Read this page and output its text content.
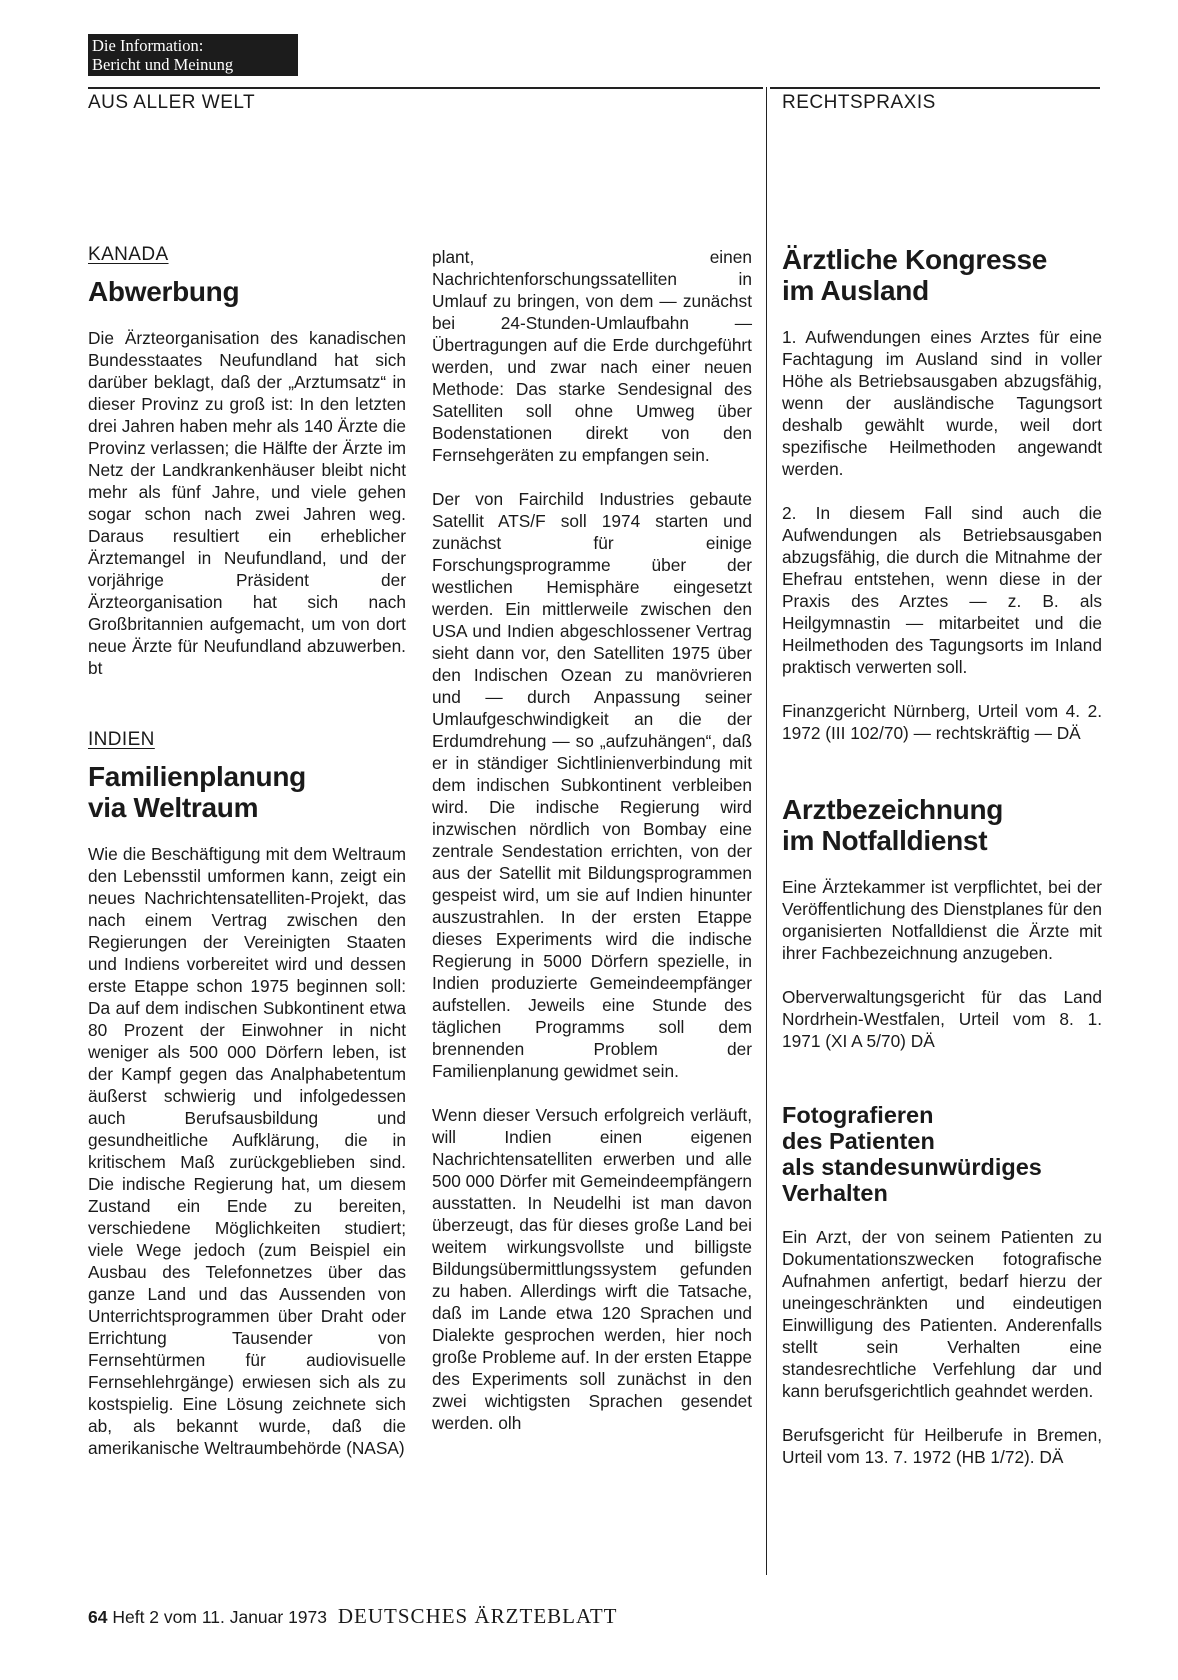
Die Information:
Bericht und Meinung
AUS ALLER WELT	RECHTSPRAXIS
KANADA
Abwerbung

Die Ärzteorganisation des kanadischen Bundesstaates Neufundland hat sich darüber beklagt, daß der „Arztumsatz“ in dieser Provinz zu groß ist: In den letzten drei Jahren haben mehr als 140 Ärzte die Provinz verlassen; die Hälfte der Ärzte im Netz der Landkrankenhäuser bleibt nicht mehr als fünf Jahre, und viele gehen sogar schon nach zwei Jahren weg. Daraus resultiert ein erheblicher Ärztemangel in Neufundland, und der vorjährige Präsident der Ärzteorganisation hat sich nach Großbritannien aufgemacht, um von dort neue Ärzte für Neufundland abzuwerben. bt

INDIEN
Familienplanung
via Weltraum

Wie die Beschäftigung mit dem Weltraum den Lebensstil umformen kann, zeigt ein neues Nachrichtensatelliten-Projekt, das nach einem Vertrag zwischen den Regierungen der Vereinigten Staaten und Indiens vorbereitet wird und dessen erste Etappe schon 1975 beginnen soll: Da auf dem indischen Subkontinent etwa 80 Prozent der Einwohner in nicht weniger als 500 000 Dörfern leben, ist der Kampf gegen das Analphabetentum äußerst schwierig und infolgedessen auch Berufsausbildung und gesundheitliche Aufklärung, die in kritischem Maß zurückgeblieben sind. Die indische Regierung hat, um diesem Zustand ein Ende zu bereiten, verschiedene Möglichkeiten studiert; viele Wege jedoch (zum Beispiel ein Ausbau des Telefonnetzes über das ganze Land und das Aussenden von Unterrichtsprogrammen über Draht oder Errichtung Tausender von Fernsehtürmen für audiovisuelle Fernsehlehrgänge) erwiesen sich als zu kostspielig. Eine Lösung zeichnete sich ab, als bekannt wurde, daß die amerikanische Weltraumbehörde (NASA)

plant, einen Nachrichtenforschungssatelliten in Umlauf zu bringen, von dem — zunächst bei 24-Stunden-Umlaufbahn — Übertragungen auf die Erde durchgeführt werden, und zwar nach einer neuen Methode: Das starke Sendesignal des Satelliten soll ohne Umweg über Bodenstationen direkt von den Fernsehgeräten zu empfangen sein.

Der von Fairchild Industries gebaute Satellit ATS/F soll 1974 starten und zunächst für einige Forschungsprogramme über der westlichen Hemisphäre eingesetzt werden. Ein mittlerweile zwischen den USA und Indien abgeschlossener Vertrag sieht dann vor, den Satelliten 1975 über den Indischen Ozean zu manövrieren und — durch Anpassung seiner Umlaufgeschwindigkeit an die der Erdumdrehung — so „aufzuhängen“, daß er in ständiger Sichtlinienverbindung mit dem indischen Subkontinent verbleiben wird. Die indische Regierung wird inzwischen nördlich von Bombay eine zentrale Sendestation errichten, von der aus der Satellit mit Bildungsprogrammen gespeist wird, um sie auf Indien hinunter auszustrahlen. In der ersten Etappe dieses Experiments wird die indische Regierung in 5000 Dörfern spezielle, in Indien produzierte Gemeindeempfänger aufstellen. Jeweils eine Stunde des täglichen Programms soll dem brennenden Problem der Familienplanung gewidmet sein.

Wenn dieser Versuch erfolgreich verläuft, will Indien einen eigenen Nachrichtensatelliten erwerben und alle 500 000 Dörfer mit Gemeindeempfängern ausstatten. In Neudelhi ist man davon überzeugt, das für dieses große Land bei weitem wirkungsvollste und billigste Bildungsübermittlungssystem gefunden zu haben. Allerdings wirft die Tatsache, daß im Lande etwa 120 Sprachen und Dialekte gesprochen werden, hier noch große Probleme auf. In der ersten Etappe des Experiments soll zunächst in den zwei wichtigsten Sprachen gesendet werden. olh

Ärztliche Kongresse
im Ausland

1. Aufwendungen eines Arztes für eine Fachtagung im Ausland sind in voller Höhe als Betriebsausgaben abzugsfähig, wenn der ausländische Tagungsort deshalb gewählt wurde, weil dort spezifische Heilmethoden angewandt werden.

2. In diesem Fall sind auch die Aufwendungen als Betriebsausgaben abzugsfähig, die durch die Mitnahme der Ehefrau entstehen, wenn diese in der Praxis des Arztes — z. B. als Heilgymnastin — mitarbeitet und die Heilmethoden des Tagungsorts im Inland praktisch verwerten soll.

Finanzgericht Nürnberg, Urteil vom 4. 2. 1972 (III 102/70) — rechtskräftig — DÄ

Arztbezeichnung
im Notfalldienst

Eine Ärztekammer ist verpflichtet, bei der Veröffentlichung des Dienstplanes für den organisierten Notfalldienst die Ärzte mit ihrer Fachbezeichnung anzugeben.

Oberverwaltungsgericht für das Land Nordrhein-Westfalen, Urteil vom 8. 1. 1971 (XI A 5/70) DÄ

Fotografieren
des Patienten
als standesunwürdiges
Verhalten

Ein Arzt, der von seinem Patienten zu Dokumentationszwecken fotografische Aufnahmen anfertigt, bedarf hierzu der uneingeschränkten und eindeutigen Einwilligung des Patienten. Anderenfalls stellt sein Verhalten eine standesrechtliche Verfehlung dar und kann berufsgerichtlich geahndet werden.

Berufsgericht für Heilberufe in Bremen, Urteil vom 13. 7. 1972 (HB 1/72). DÄ

64 Heft 2 vom 11. Januar 1973 DEUTSCHES ÄRZTEBLATT
